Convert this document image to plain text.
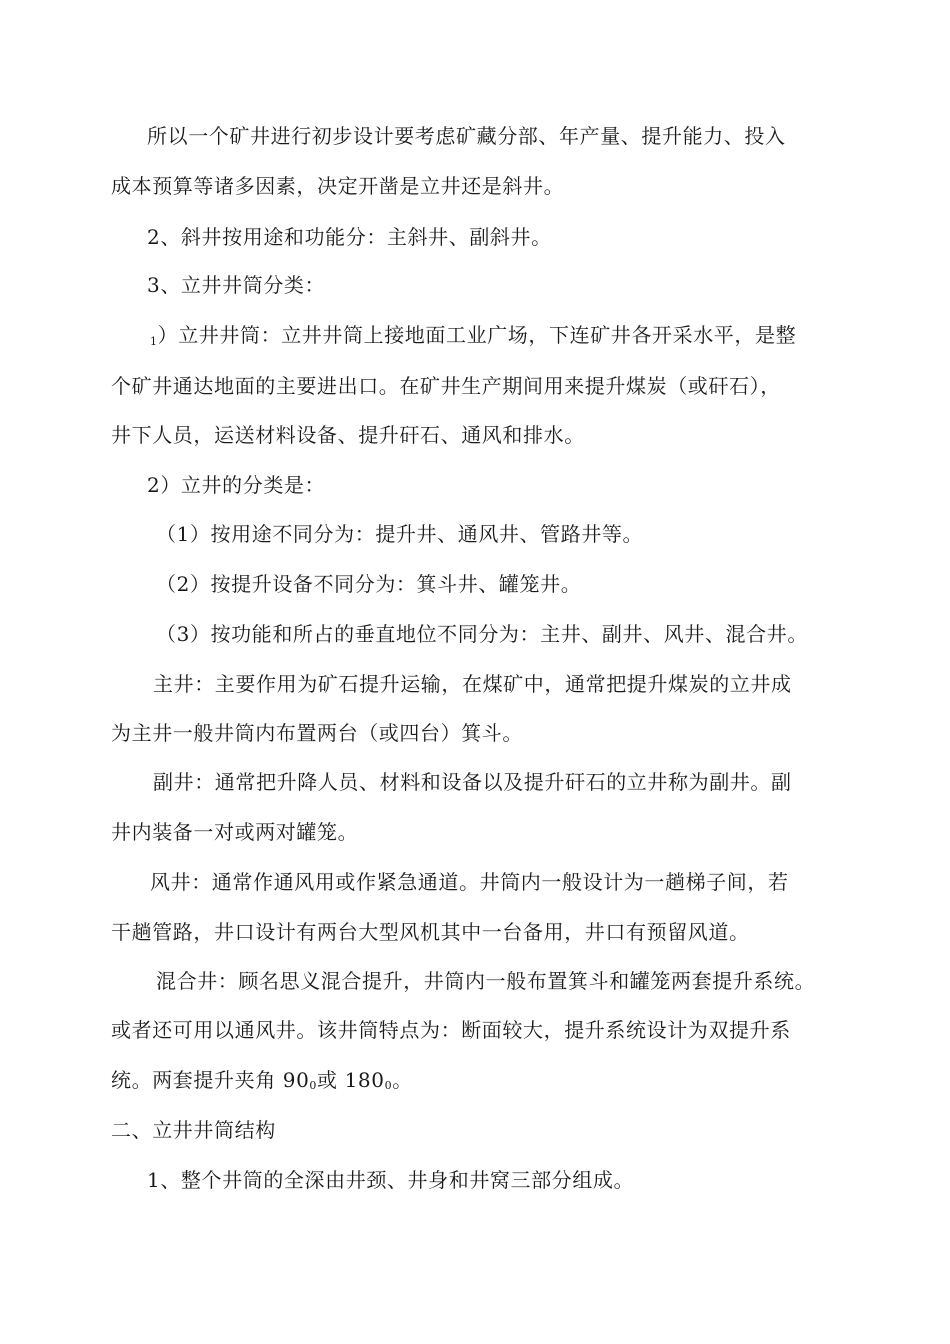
所以一个矿井进行初步设计要考虑矿藏分部、年产量、提升能力、投入
成本预算等诸多因素，决定开凿是立井还是斜井。
2、斜井按用途和功能分：主斜井、副斜井。
3、立井井筒分类：
1）立井井筒：立井井筒上接地面工业广场，下连矿井各开采水平，是整
个矿井通达地面的主要进出口。在矿井生产期间用来提升煤炭（或矸石），
井下人员，运送材料设备、提升矸石、通风和排水。
2）立井的分类是：
（1）按用途不同分为：提升井、通风井、管路井等。
（2）按提升设备不同分为：箕斗井、罐笼井。
（3）按功能和所占的垂直地位不同分为：主井、副井、风井、混合井。
主井：主要作用为矿石提升运输，在煤矿中，通常把提升煤炭的立井成
为主井一般井筒内布置两台（或四台）箕斗。
副井：通常把升降人员、材料和设备以及提升矸石的立井称为副井。副
井内装备一对或两对罐笼。
风井：通常作通风用或作紧急通道。井筒内一般设计为一趟梯子间，若
干趟管路，井口设计有两台大型风机其中一台备用，井口有预留风道。
混合井：顾名思义混合提升，井筒内一般布置箕斗和罐笼两套提升系统。
或者还可用以通风井。该井筒特点为：断面较大，提升系统设计为双提升系
统。两套提升夹角 900或 1800。
二、立井井筒结构
1、整个井筒的全深由井颈、井身和井窝三部分组成。
